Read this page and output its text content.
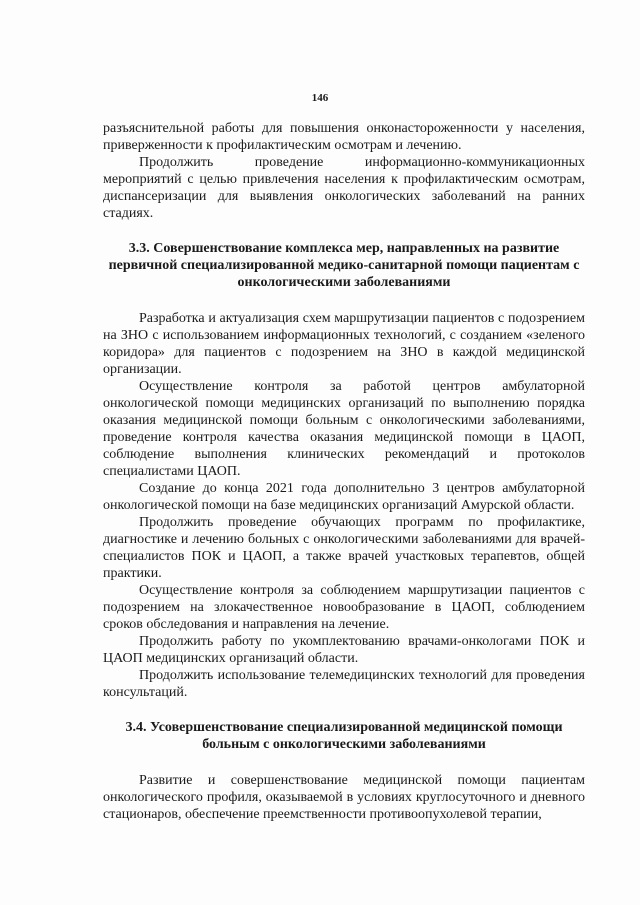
146

разъяснительной работы для повышения онконастороженности у населения, приверженности к профилактическим осмотрам и лечению.

Продолжить проведение информационно-коммуникационных мероприятий с целью привлечения населения к профилактическим осмотрам, диспансеризации для выявления онкологических заболеваний на ранних стадиях.

3.3. Совершенствование комплекса мер, направленных на развитие первичной специализированной медико-санитарной помощи пациентам с онкологическими заболеваниями

Разработка и актуализация схем маршрутизации пациентов с подозрением на ЗНО с использованием информационных технологий, с созданием «зеленого коридора» для пациентов с подозрением на ЗНО в каждой медицинской организации.

Осуществление контроля за работой центров амбулаторной онкологической помощи медицинских организаций по выполнению порядка оказания медицинской помощи больным с онкологическими заболеваниями, проведение контроля качества оказания медицинской помощи в ЦАОП, соблюдение выполнения клинических рекомендаций и протоколов специалистами ЦАОП.

Создание до конца 2021 года дополнительно 3 центров амбулаторной онкологической помощи на базе медицинских организаций Амурской области.

Продолжить проведение обучающих программ по профилактике, диагностике и лечению больных с онкологическими заболеваниями для врачей-специалистов ПОК и ЦАОП, а также врачей участковых терапевтов, общей практики.

Осуществление контроля за соблюдением маршрутизации пациентов с подозрением на злокачественное новообразование в ЦАОП, соблюдением сроков обследования и направления на лечение.

Продолжить работу по укомплектованию врачами-онкологами ПОК и ЦАОП медицинских организаций области.

Продолжить использование телемедицинских технологий для проведения консультаций.

3.4. Усовершенствование специализированной медицинской помощи больным с онкологическими заболеваниями

Развитие и совершенствование медицинской помощи пациентам онкологического профиля, оказываемой в условиях круглосуточного и дневного стационаров, обеспечение преемственности противоопухолевой терапии,
